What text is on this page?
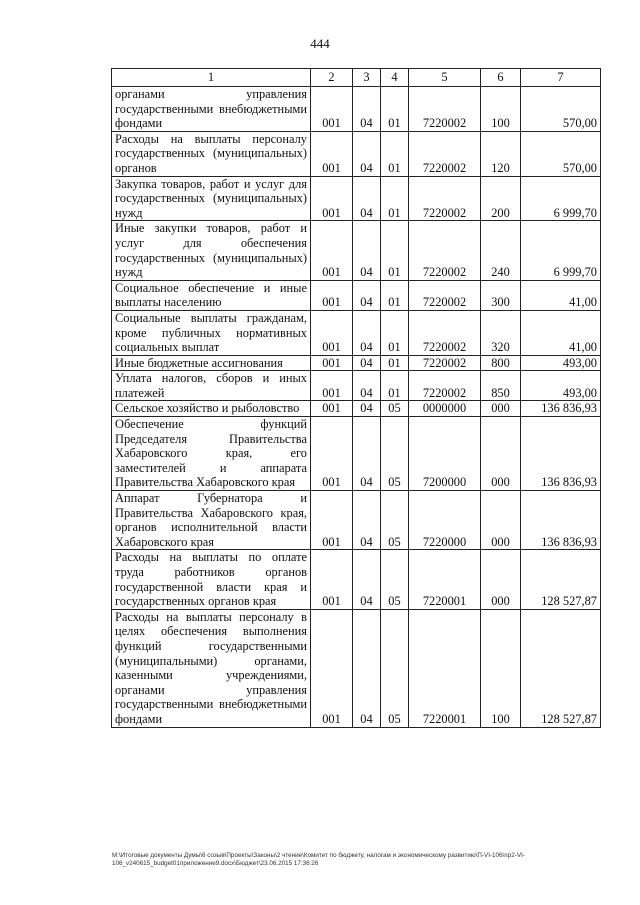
444
1	2	3	4	5	6	7
органами управления государственными внебюджетными фондами	001	04	01	7220002	100	570,00
Расходы на выплаты персоналу государственных (муниципальных) органов	001	04	01	7220002	120	570,00
Закупка товаров, работ и услуг для государственных (муниципальных) нужд	001	04	01	7220002	200	6 999,70
Иные закупки товаров, работ и услуг для обеспечения государственных (муниципальных) нужд	001	04	01	7220002	240	6 999,70
Социальное обеспечение и иные выплаты населению	001	04	01	7220002	300	41,00
Социальные выплаты гражданам, кроме публичных нормативных социальных выплат	001	04	01	7220002	320	41,00
Иные бюджетные ассигнования	001	04	01	7220002	800	493,00
Уплата налогов, сборов и иных платежей	001	04	01	7220002	850	493,00
Сельское хозяйство и рыболовство	001	04	05	0000000	000	136 836,93
Обеспечение функций Председателя Правительства Хабаровского края, его заместителей и аппарата Правительства Хабаровского края	001	04	05	7200000	000	136 836,93
Аппарат Губернатора и Правительства Хабаровского края, органов исполнительной власти Хабаровского края	001	04	05	7220000	000	136 836,93
Расходы на выплаты по оплате труда работников органов государственной власти края и государственных органов края	001	04	05	7220001	000	128 527,87
Расходы на выплаты персоналу в целях обеспечения выполнения функций государственными (муниципальными) органами, казенными учреждениями, органами управления государственными внебюджетными фондами	001	04	05	7220001	100	128 527,87
М:\Итоговые документы Думы\6 созыв\Проекты\Законы\2 чтение\Комитет по бюджету, налогам и экономическому развитию\П-VI-106\пр2-VI-
106_v240615_budget01приложение9.docx\Бюджет\23.06.2015 17:36:26
